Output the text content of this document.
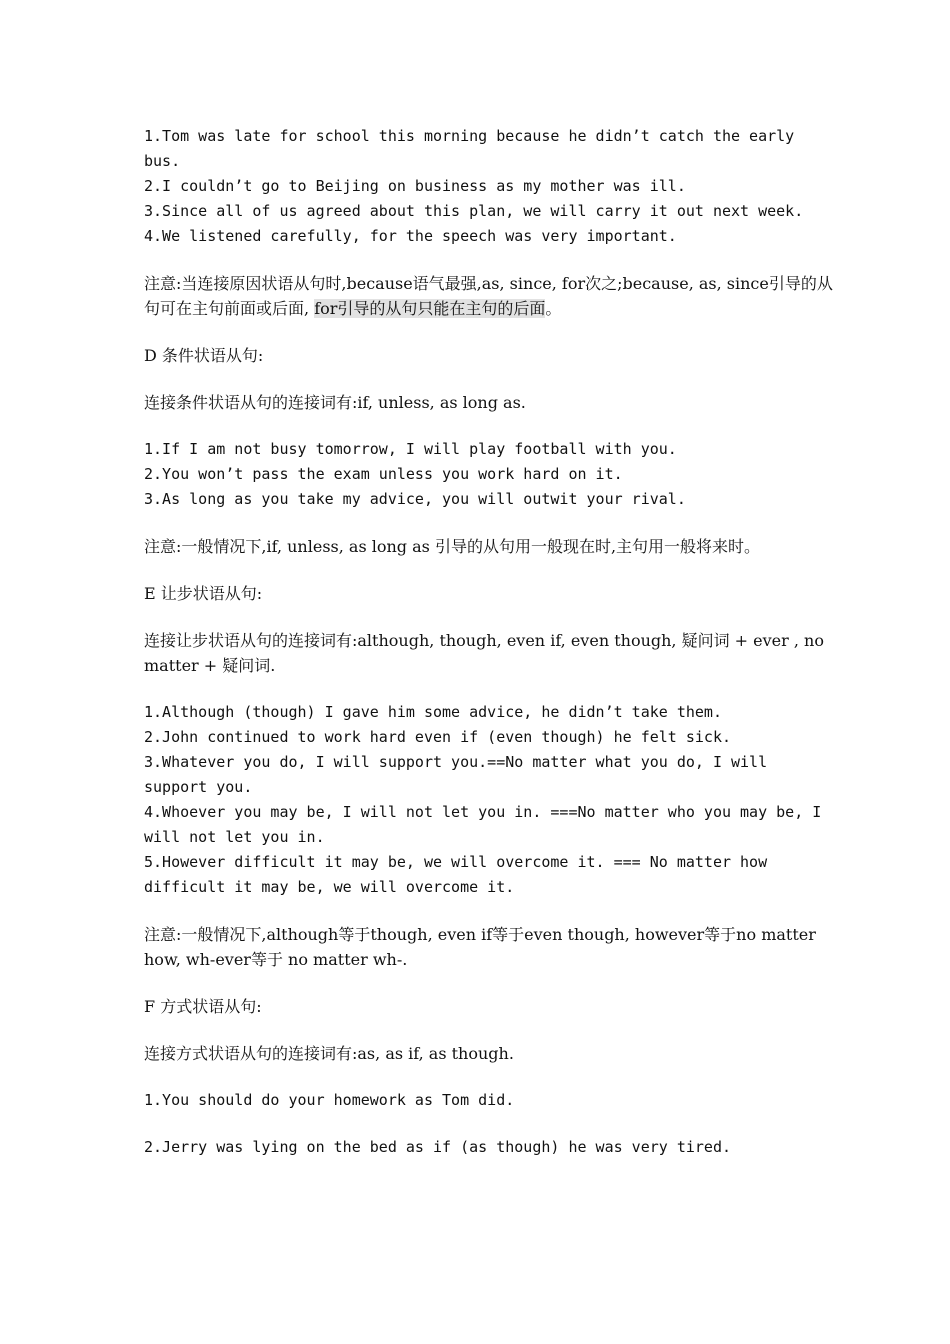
1.Tom was late for school this morning because he didn’t catch the early bus.

2.I couldn’t go to Beijing on business as my mother was ill.

3.Since all of us agreed about this plan, we will carry it out next week.

4.We listened carefully, for the speech was very important.

注意:当连接原因状语从句时,because语气最强,as, since, for次之;because, as, since引导的从句可在主句前面或后面, for引导的从句只能在主句的后面。

D 条件状语从句:

连接条件状语从句的连接词有:if, unless, as long as.

1.If I am not busy tomorrow, I will play football with you.

2.You won’t pass the exam unless you work hard on it.

3.As long as you take my advice, you will outwit your rival.

注意:一般情况下,if, unless, as long as 引导的从句用一般现在时,主句用一般将来时。

E 让步状语从句:

连接让步状语从句的连接词有:although, though, even if, even though, 疑问词 + ever , no matter + 疑问词.

1.Although (though) I gave him some advice, he didn’t take them.

2.John continued to work hard even if (even though) he felt sick.

3.Whatever you do, I will support you.==No matter what you do, I will support you.

4.Whoever you may be, I will not let you in. ===No matter who you may be, I will not let you in.

5.However difficult it may be, we will overcome it. === No matter how difficult it may be, we will overcome it.

注意:一般情况下,although等于though, even if等于even though, however等于no matter how, wh-ever等于 no matter wh-.

F 方式状语从句:

连接方式状语从句的连接词有:as, as if, as though.

1.You should do your homework as Tom did.

2.Jerry was lying on the bed as if (as though) he was very tired.
